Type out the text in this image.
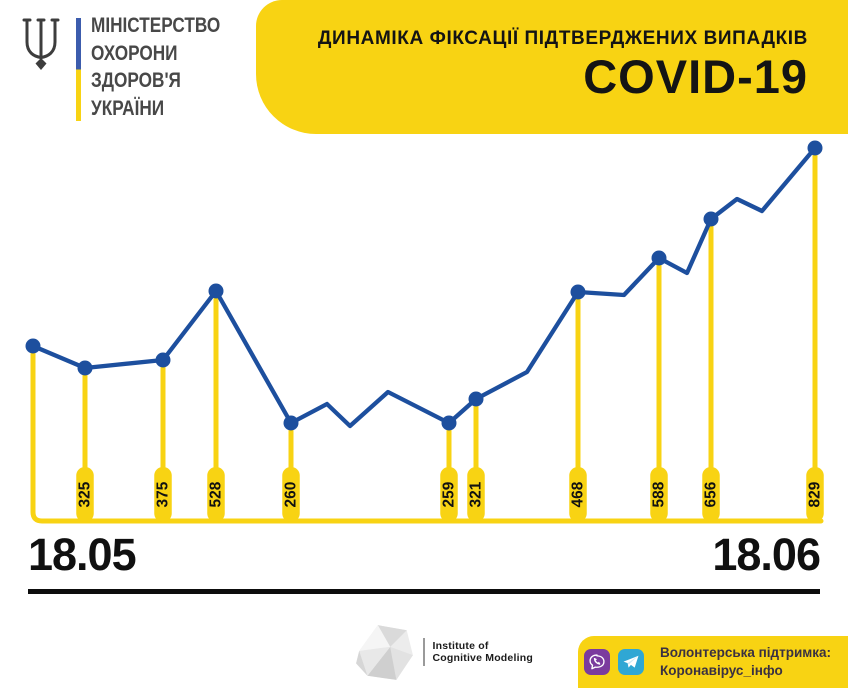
ДИНАМІКА ФІКСАЦІЇ ПІДТВЕРДЖЕНИХ ВИПАДКІВ
COVID-19
МІНІСТЕРСТВО
ОХОРОНИ
ЗДОРОВ'Я
УКРАЇНИ
325	375 528	260	259 321	468	588 656	829
18.05	18.06
Institute of
Cognitive Modeling	Волонтерська підтримка:
Коронавірус_інфо
